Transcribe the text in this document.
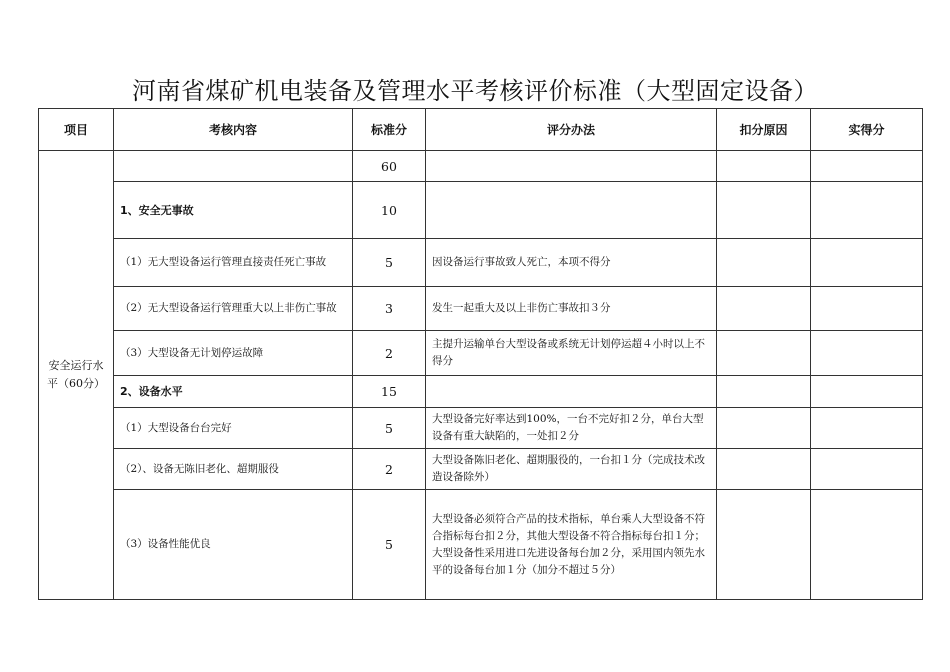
河南省煤矿机电装备及管理水平考核评价标准（大型固定设备）
项目	考核内容	标准分	评分办法	扣分原因	实得分
安全运行水平（60分）		60			
	1、安全无事故	10			
	（1）无大型设备运行管理直接责任死亡事故	5	因设备运行事故致人死亡，本项不得分		
	（2）无大型设备运行管理重大以上非伤亡事故	3	发生一起重大及以上非伤亡事故扣３分		
	（3）大型设备无计划停运故障	2	主提升运输单台大型设备或系统无计划停运超４小时以上不得分		
	2、设备水平	15			
	（1）大型设备台台完好	5	大型设备完好率达到100%，一台不完好扣２分，单台大型设备有重大缺陷的，一处扣２分		
	（2）、设备无陈旧老化、超期服役	2	大型设备陈旧老化、超期服役的，一台扣１分（完成技术改造设备除外）		
	（3）设备性能优良	5	大型设备必须符合产品的技术指标，单台乘人大型设备不符合指标每台扣２分，其他大型设备不符合指标每台扣１分；大型设备性采用进口先进设备每台加２分，采用国内领先水平的设备每台加１分（加分不超过５分）		
